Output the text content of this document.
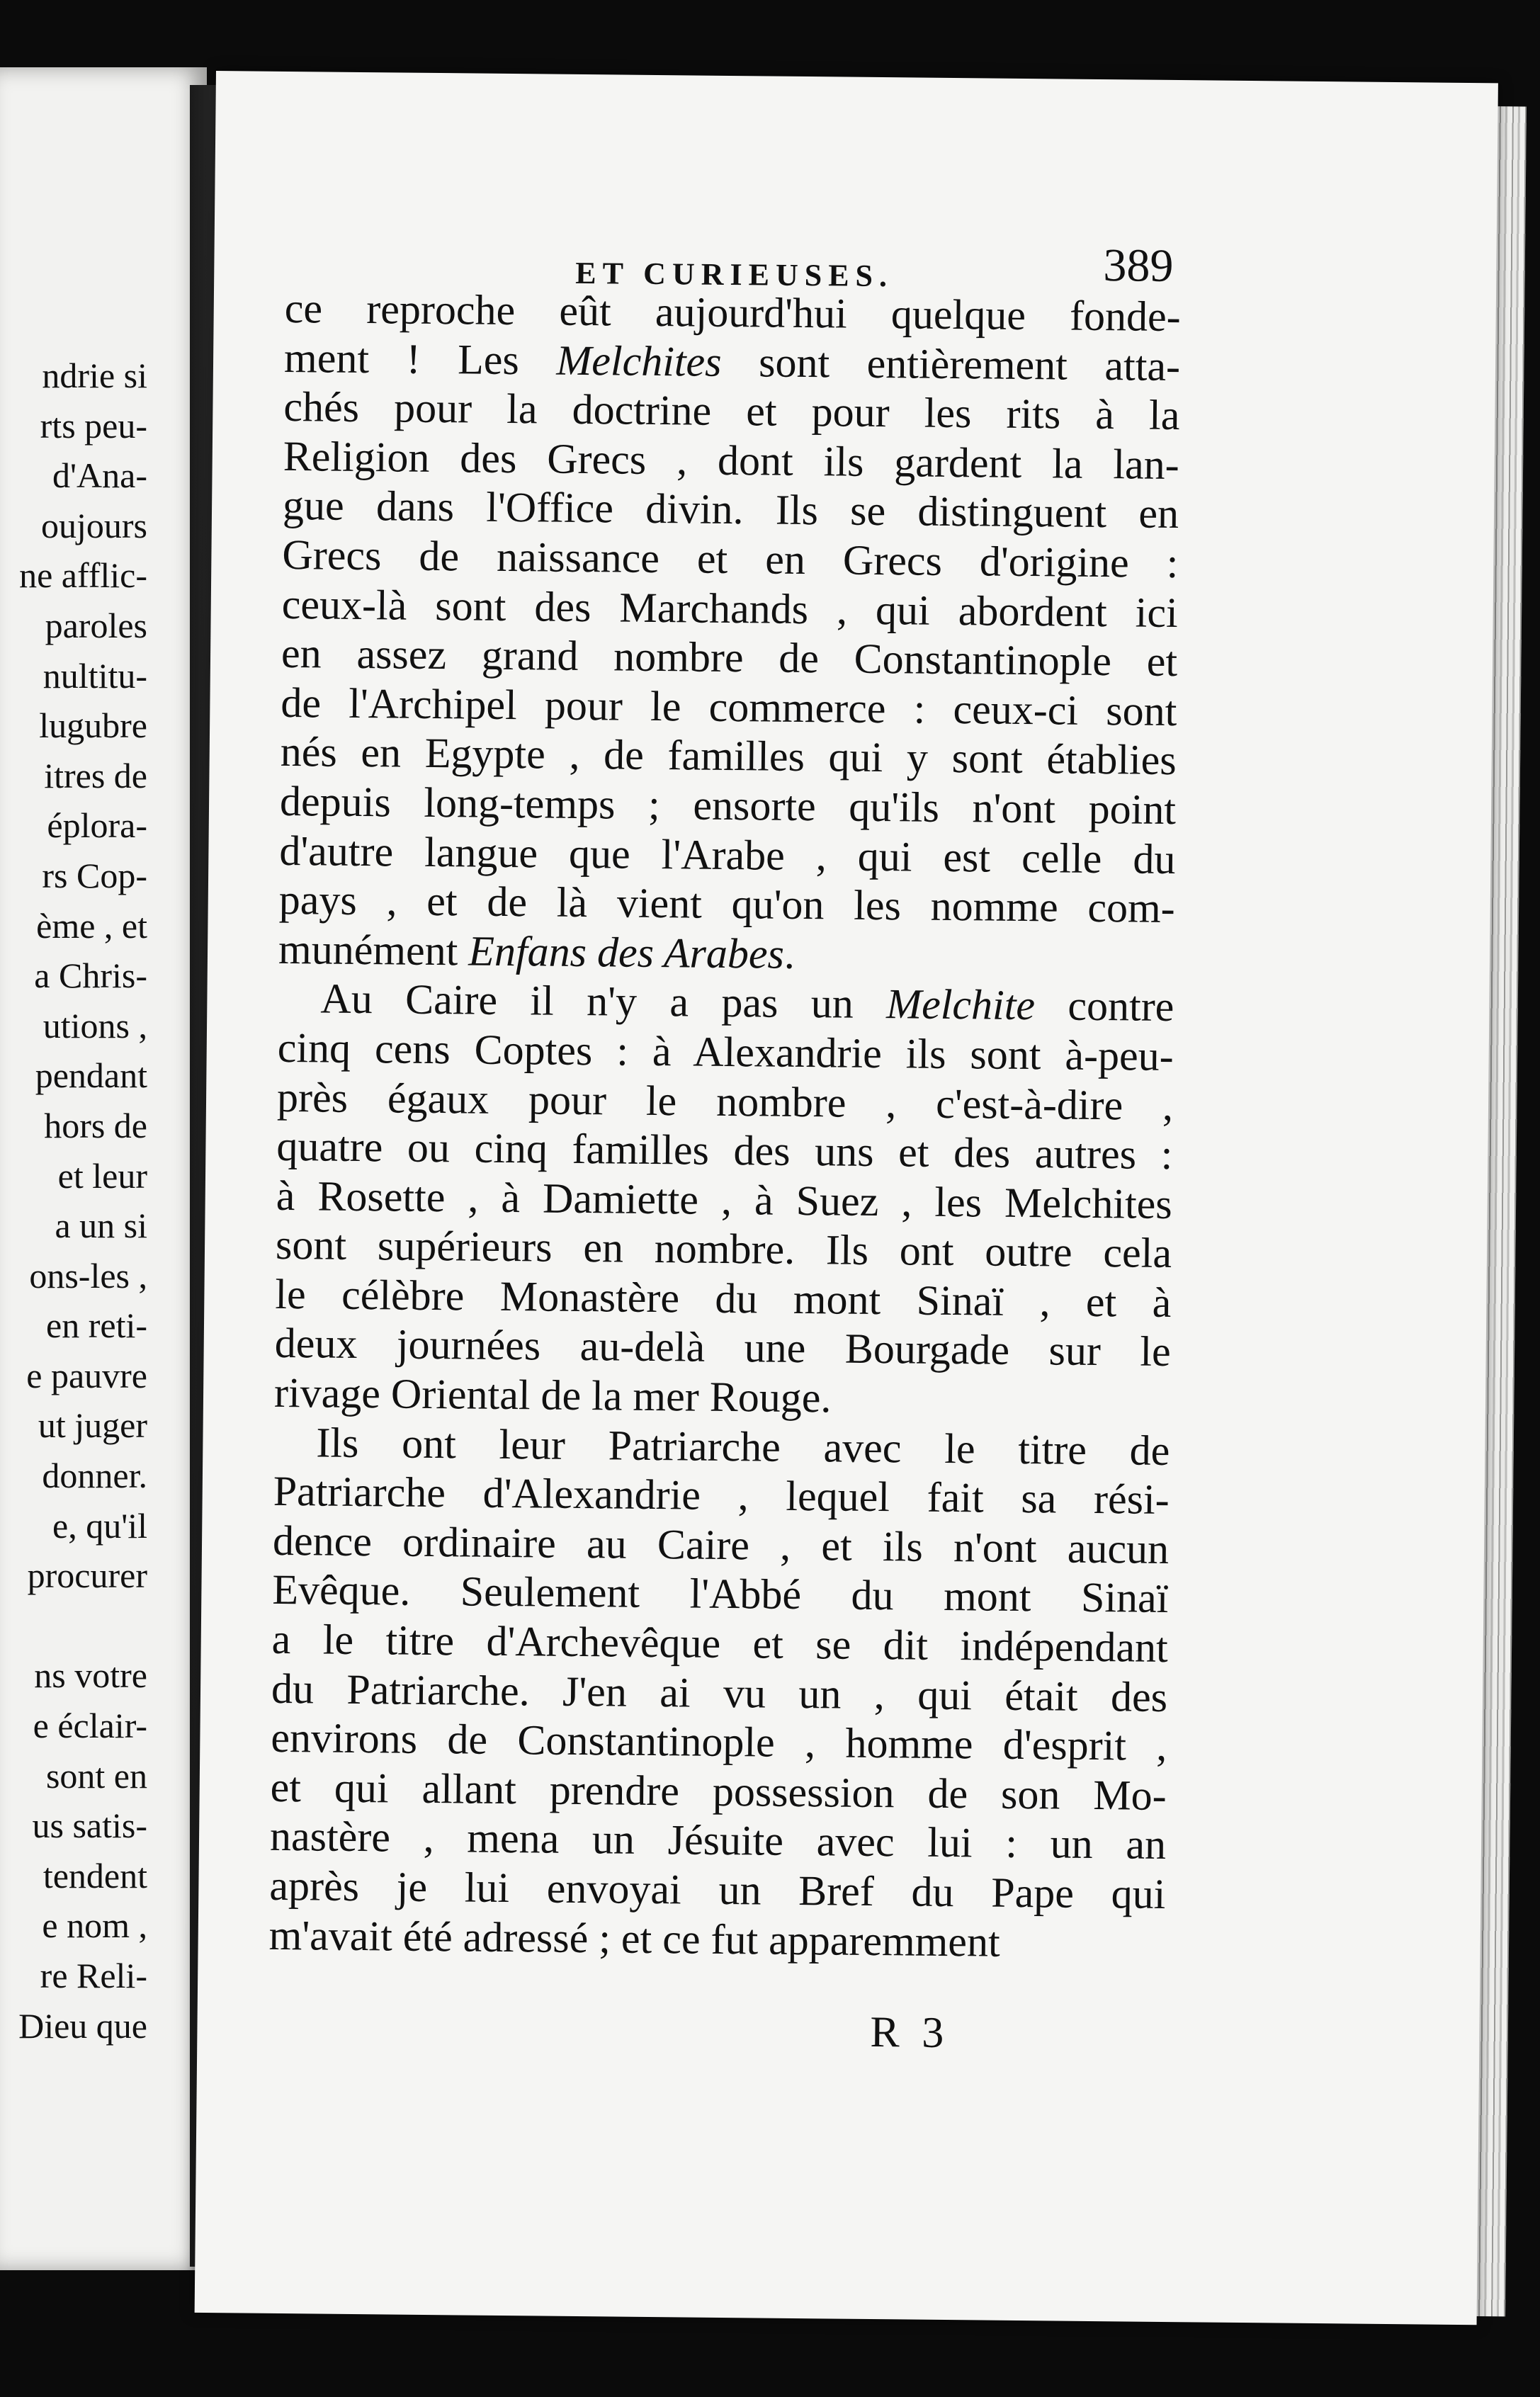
ndrie si
rts peu-
d'Ana-
oujours
ne afflic-
paroles
nultitu-
lugubre
itres de
éplora-
rs Cop-
ème , et
a Chris-
utions ,
pendant
hors de
et leur
a un si
ons-les ,
en reti-
e pauvre
ut juger
donner.
e, qu'il
procurer
ns votre
e éclair-
sont en
us satis-
tendent
e nom ,
re Reli-
Dieu que
ET CURIEUSES.	389
ce reproche eût aujourd'hui quelque fonde-
ment ! Les Melchites sont entièrement atta-
chés pour la doctrine et pour les rits à la
Religion des Grecs , dont ils gardent la lan-
gue dans l'Office divin. Ils se distinguent en
Grecs de naissance et en Grecs d'origine :
ceux-là sont des Marchands , qui abordent ici
en assez grand nombre de Constantinople et
de l'Archipel pour le commerce : ceux-ci sont
nés en Egypte , de familles qui y sont établies
depuis long-temps ; ensorte qu'ils n'ont point
d'autre langue que l'Arabe , qui est celle du
pays , et de là vient qu'on les nomme com-
munément Enfans des Arabes.
Au Caire il n'y a pas un Melchite contre
cinq cens Coptes : à Alexandrie ils sont à-peu-
près égaux pour le nombre , c'est-à-dire ,
quatre ou cinq familles des uns et des autres :
à Rosette , à Damiette , à Suez , les Melchites
sont supérieurs en nombre. Ils ont outre cela
le célèbre Monastère du mont Sinaï , et à
deux journées au-delà une Bourgade sur le
rivage Oriental de la mer Rouge.
Ils ont leur Patriarche avec le titre de
Patriarche d'Alexandrie , lequel fait sa rési-
dence ordinaire au Caire , et ils n'ont aucun
Evêque. Seulement l'Abbé du mont Sinaï
a le titre d'Archevêque et se dit indépendant
du Patriarche. J'en ai vu un , qui était des
environs de Constantinople , homme d'esprit ,
et qui allant prendre possession de son Mo-
nastère , mena un Jésuite avec lui : un an
après je lui envoyai un Bref du Pape qui
m'avait été adressé ; et ce fut apparemment
R 3
